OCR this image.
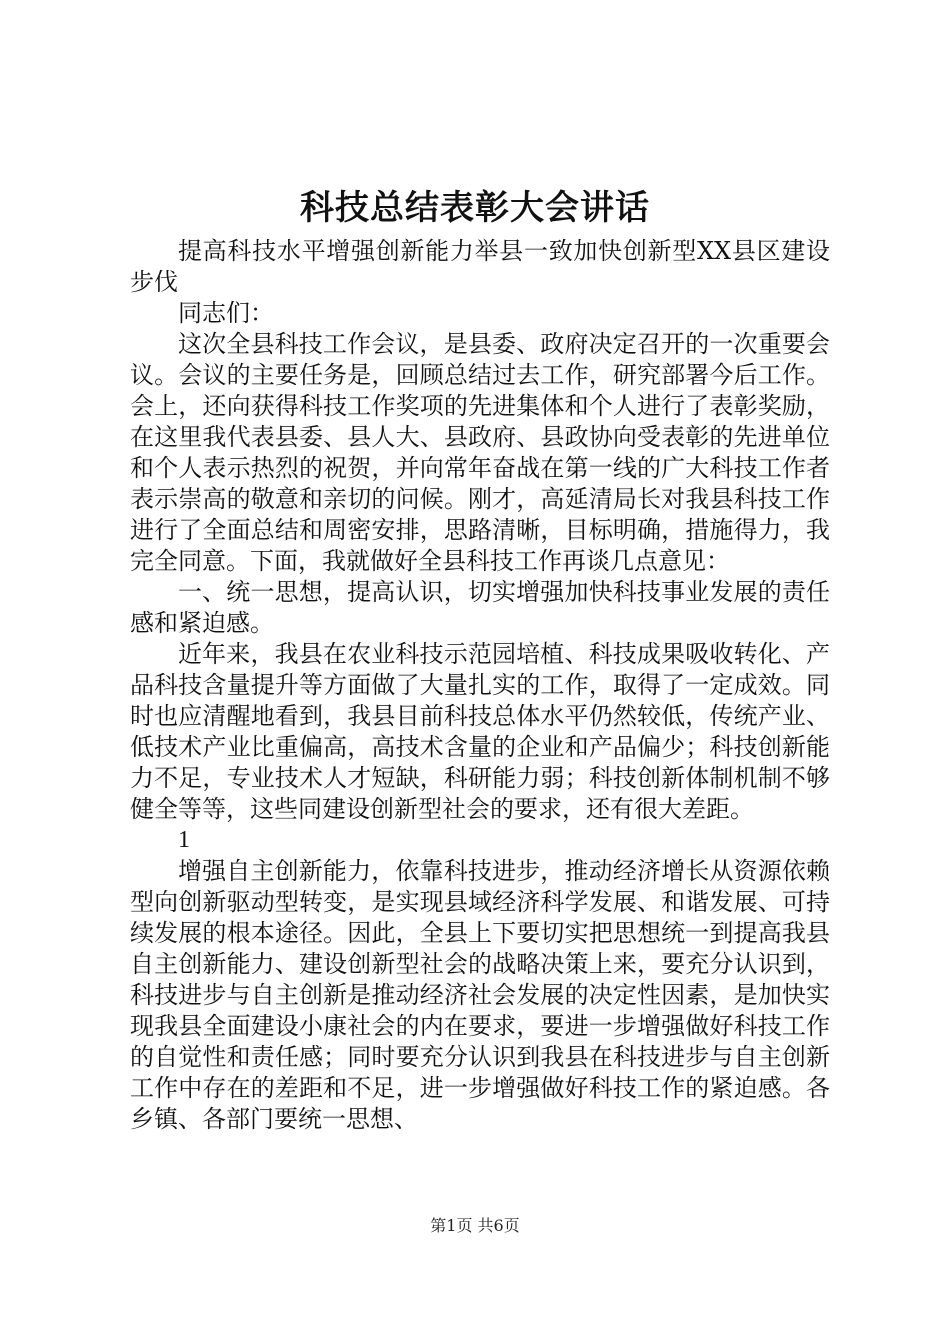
科技总结表彰大会讲话

提高科技水平增强创新能力举县一致加快创新型XX县区建设步伐

同志们：

这次全县科技工作会议，是县委、政府决定召开的一次重要会议。会议的主要任务是，回顾总结过去工作，研究部署今后工作。会上，还向获得科技工作奖项的先进集体和个人进行了表彰奖励，在这里我代表县委、县人大、县政府、县政协向受表彰的先进单位和个人表示热烈的祝贺，并向常年奋战在第一线的广大科技工作者表示崇高的敬意和亲切的问候。刚才，高延清局长对我县科技工作进行了全面总结和周密安排，思路清晰，目标明确，措施得力，我完全同意。下面，我就做好全县科技工作再谈几点意见：

一、统一思想，提高认识，切实增强加快科技事业发展的责任感和紧迫感。

近年来，我县在农业科技示范园培植、科技成果吸收转化、产品科技含量提升等方面做了大量扎实的工作，取得了一定成效。同时也应清醒地看到，我县目前科技总体水平仍然较低，传统产业、低技术产业比重偏高，高技术含量的企业和产品偏少；科技创新能力不足，专业技术人才短缺，科研能力弱；科技创新体制机制不够健全等等，这些同建设创新型社会的要求，还有很大差距。

1

增强自主创新能力，依靠科技进步，推动经济增长从资源依赖型向创新驱动型转变，是实现县域经济科学发展、和谐发展、可持续发展的根本途径。因此，全县上下要切实把思想统一到提高我县自主创新能力、建设创新型社会的战略决策上来，要充分认识到，科技进步与自主创新是推动经济社会发展的决定性因素，是加快实现我县全面建设小康社会的内在要求，要进一步增强做好科技工作的自觉性和责任感；同时要充分认识到我县在科技进步与自主创新工作中存在的差距和不足，进一步增强做好科技工作的紧迫感。各乡镇、各部门要统一思想、

第1页 共6页
